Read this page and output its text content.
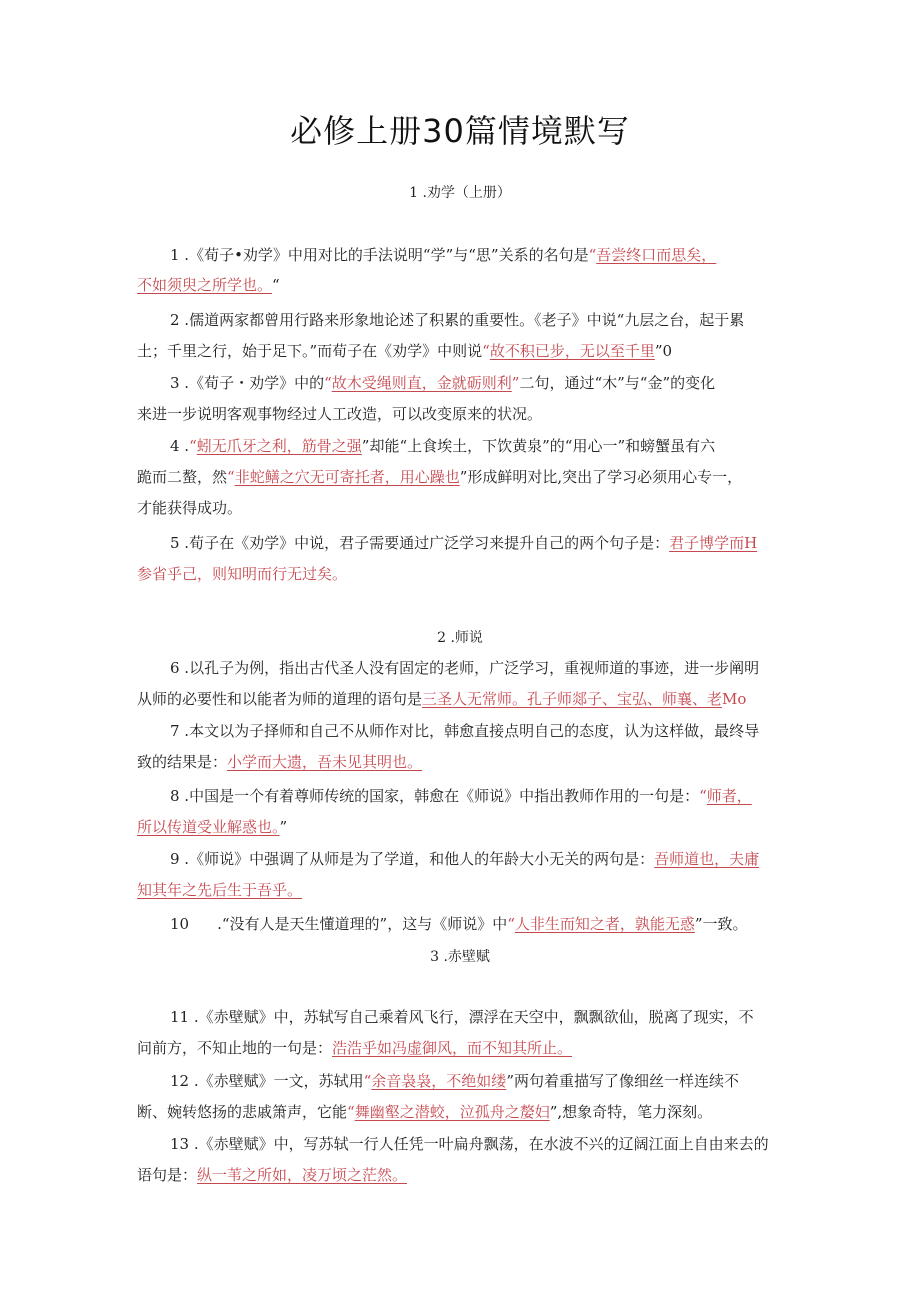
必修上册30篇情境默写
1 .劝学（上册）
1 .《荀子•劝学》中用对比的手法说明“学”与“思”关系的名句是“吾尝终口而思矣，
不如须臾之所学也。“
2 .儒道两家都曾用行路来形象地论述了积累的重要性。《老子》中说“九层之台，起于累
土；千里之行，始于足下。”而荀子在《劝学》中则说“故不积已步，无以至千里”0
3 .《荀子・劝学》中的“故木受绳则直，金就砺则利”二句，通过“木”与“金”的变化
来进一步说明客观事物经过人工改造，可以改变原来的状况。
4 .“蚓无爪牙之利，筋骨之强”却能“上食埃土，下饮黄泉”的“用心一”和螃蟹虽有六
跪而二螯，然“非蛇鳝之穴无可寄托者，用心躁也”形成鲜明对比,突出了学习必须用心专一，
才能获得成功。
5 .荀子在《劝学》中说，君子需要通过广泛学习来提升自己的两个句子是：君子博学而H
参省乎己，则知明而行无过矣。
2 .师说
6 .以孔子为例，指出古代圣人没有固定的老师，广泛学习，重视师道的事迹，进一步阐明
从师的必要性和以能者为师的道理的语句是三圣人无常师。孔子师郯子、宝弘、师襄、老Mo
7 .本文以为子择师和自己不从师作对比，韩愈直接点明自己的态度，认为这样做，最终导
致的结果是：小学而大遗，吾未见其明也。
8 .中国是一个有着尊师传统的国家，韩愈在《师说》中指出教师作用的一句是：“师者，
所以传道受业解惑也。”
9 .《师说》中强调了从师是为了学道，和他人的年龄大小无关的两句是：吾师道也，夫庸
知其年之先后生于吾乎。
10 .“没有人是天生懂道理的”，这与《师说》中“人非生而知之者，孰能无惑”一致。
3 .赤壁赋
11 .《赤壁赋》中，苏轼写自己乘着风飞行，漂浮在天空中，飘飘欲仙，脱离了现实，不
问前方，不知止地的一句是：浩浩乎如冯虚御风，而不知其所止。
12 .《赤壁赋》一文，苏轼用“余音袅袅，不绝如缕”两句着重描写了像细丝一样连续不
断、婉转悠扬的悲戚箫声，它能“舞幽壑之潜蛟，泣孤舟之嫠妇”,想象奇特，笔力深刻。
13 .《赤壁赋》中，写苏轼一行人任凭一叶扁舟飘荡，在水波不兴的辽阔江面上自由来去的
语句是：纵一苇之所如，凌万顷之茫然。
